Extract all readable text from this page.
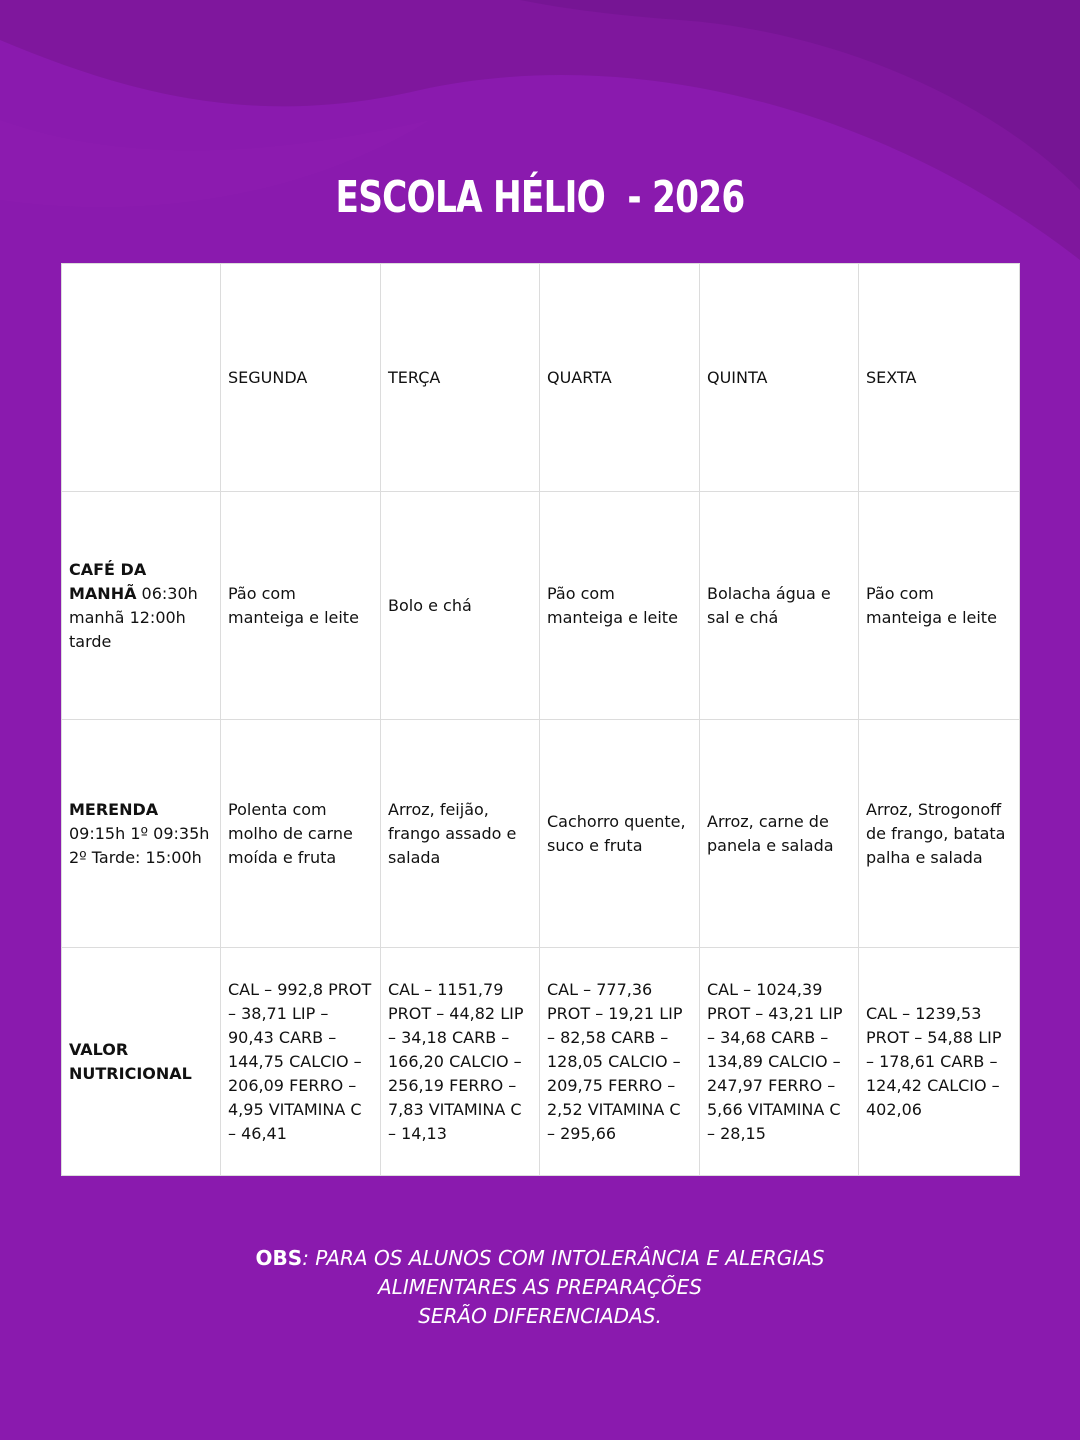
ESCOLA HÉLIO  - 2026
	SEGUNDA	TERÇA	QUARTA	QUINTA	SEXTA
CAFÉ DA MANHÃ 06:30h manhã 12:00h tarde	Pão com manteiga e leite	Bolo e chá	Pão com manteiga e leite	Bolacha água e sal e chá	Pão com manteiga e leite
MERENDA 09:15h 1º 09:35h 2º Tarde: 15:00h	Polenta com molho de carne moída e fruta	Arroz, feijão, frango assado e salada	Cachorro quente, suco e fruta	Arroz, carne de panela e salada	Arroz, Strogonoff de frango, batata palha e salada
VALOR NUTRICIONAL	CAL – 992,8 PROT – 38,71 LIP – 90,43 CARB – 144,75 CALCIO – 206,09 FERRO – 4,95 VITAMINA C – 46,41	CAL – 1151,79 PROT – 44,82 LIP – 34,18 CARB – 166,20 CALCIO – 256,19 FERRO – 7,83 VITAMINA C – 14,13	CAL – 777,36 PROT – 19,21 LIP – 82,58 CARB – 128,05 CALCIO – 209,75 FERRO – 2,52 VITAMINA C – 295,66	CAL – 1024,39 PROT – 43,21 LIP – 34,68 CARB – 134,89 CALCIO – 247,97 FERRO – 5,66 VITAMINA C – 28,15	CAL – 1239,53 PROT – 54,88 LIP – 178,61 CARB – 124,42 CALCIO – 402,06
OBS: PARA OS ALUNOS COM INTOLERÂNCIA E ALERGIAS
ALIMENTARES AS PREPARAÇÕES
SERÃO DIFERENCIADAS.
